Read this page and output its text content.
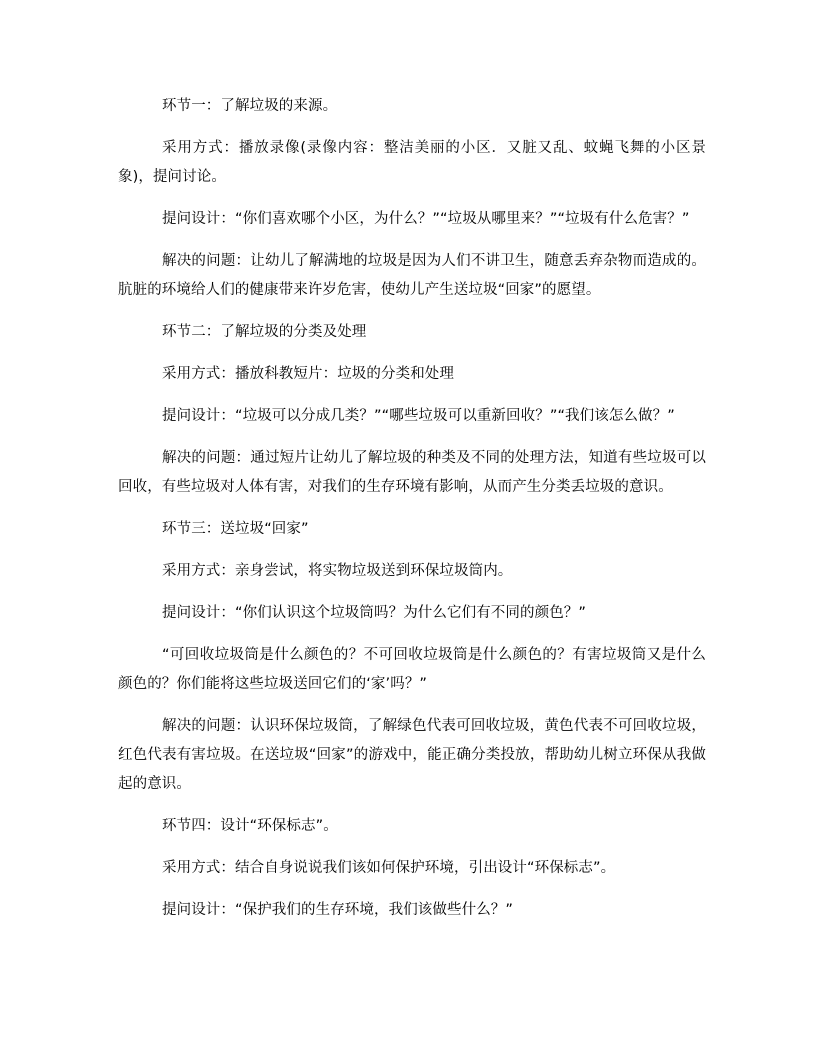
环节一：了解垃圾的来源。

采用方式：播放录像(录像内容：整洁美丽的小区．又脏又乱、蚊蝇飞舞的小区景象)，提问讨论。

提问设计：“你们喜欢哪个小区，为什么？”“垃圾从哪里来？”“垃圾有什么危害？”

解决的问题：让幼儿了解满地的垃圾是因为人们不讲卫生，随意丢弃杂物而造成的。肮脏的环境给人们的健康带来许岁危害，使幼儿产生送垃圾“回家”的愿望。

环节二：了解垃圾的分类及处理

采用方式：播放科教短片：垃圾的分类和处理

提问设计：“垃圾可以分成几类？”“哪些垃圾可以重新回收？”“我们该怎么做？”

解决的问题：通过短片让幼儿了解垃圾的种类及不同的处理方法，知道有些垃圾可以回收，有些垃圾对人体有害，对我们的生存环境有影响，从而产生分类丢垃圾的意识。

环节三：送垃圾“回家”

采用方式：亲身尝试，将实物垃圾送到环保垃圾筒内。

提问设计：“你们认识这个垃圾筒吗？为什么它们有不同的颜色？”

“可回收垃圾筒是什么颜色的？不可回收垃圾筒是什么颜色的？有害垃圾筒又是什么颜色的？你们能将这些垃圾送回它们的‘家’吗？”

解决的问题：认识环保垃圾筒，了解绿色代表可回收垃圾，黄色代表不可回收垃圾，红色代表有害垃圾。在送垃圾“回家”的游戏中，能正确分类投放，帮助幼儿树立环保从我做起的意识。

环节四：设计“环保标志”。

采用方式：结合自身说说我们该如何保护环境，引出设计“环保标志”。

提问设计：“保护我们的生存环境，我们该做些什么？”
